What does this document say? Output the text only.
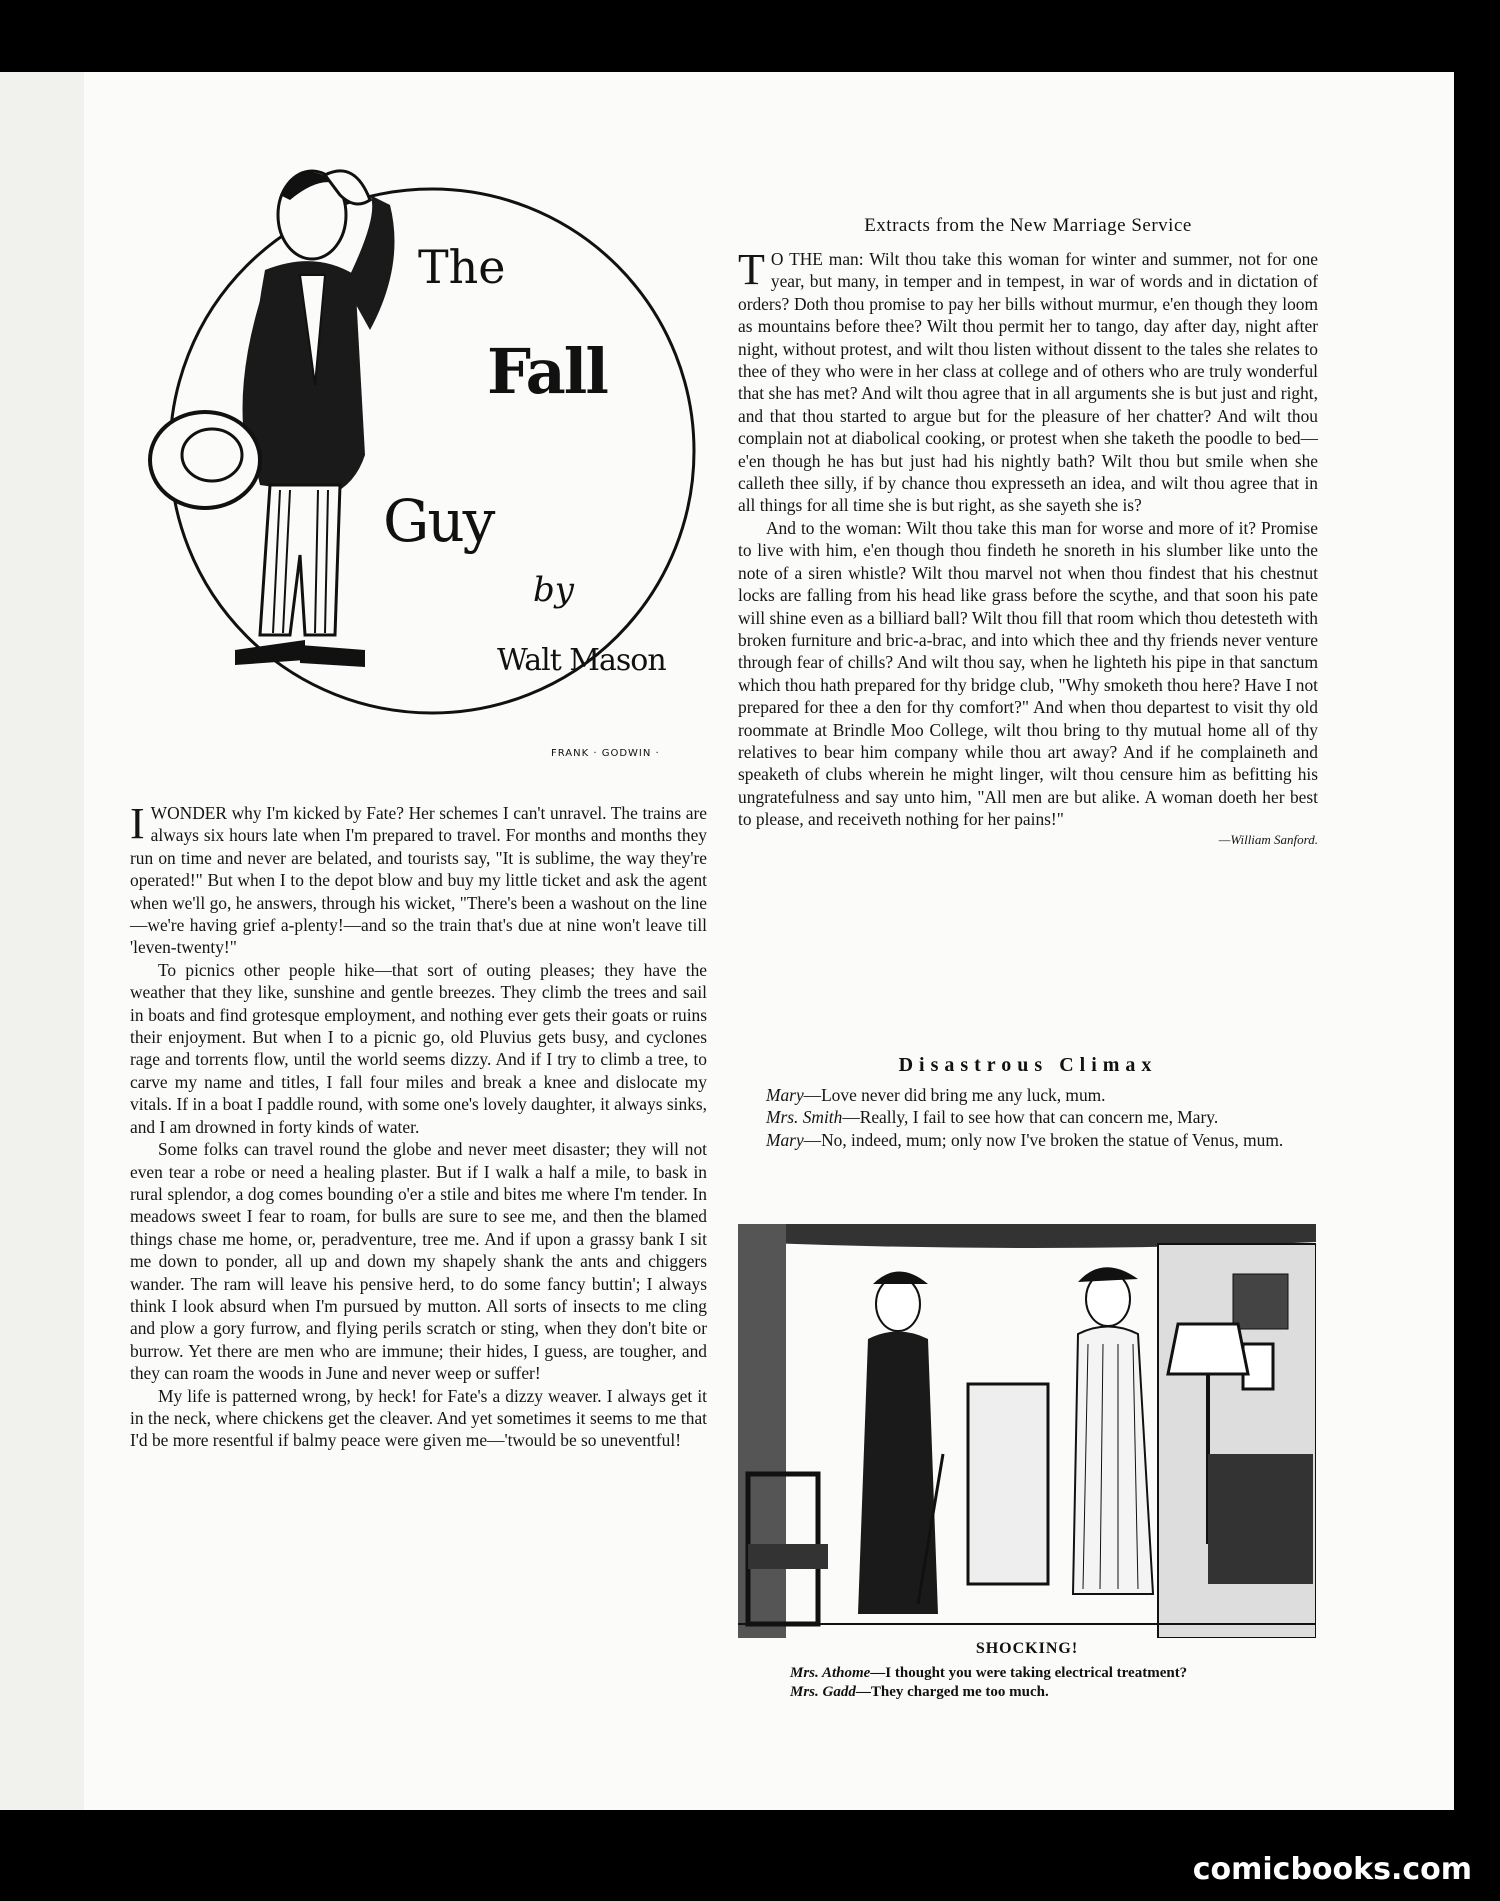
The
Fall
Guy
by
Walt Mason
FRANK · GODWIN ·

IWONDER why I'm kicked by Fate? Her schemes I can't unravel. The trains are always six hours late when I'm prepared to travel. For months and months they run on time and never are belated, and tourists say, "It is sublime, the way they're operated!" But when I to the depot blow and buy my little ticket and ask the agent when we'll go, he answers, through his wicket, "There's been a washout on the line—we're having grief a-plenty!—and so the train that's due at nine won't leave till 'leven-twenty!"

To picnics other people hike—that sort of outing pleases; they have the weather that they like, sunshine and gentle breezes. They climb the trees and sail in boats and find grotesque employment, and nothing ever gets their goats or ruins their enjoyment. But when I to a picnic go, old Pluvius gets busy, and cyclones rage and torrents flow, until the world seems dizzy. And if I try to climb a tree, to carve my name and titles, I fall four miles and break a knee and dislocate my vitals. If in a boat I paddle round, with some one's lovely daughter, it always sinks, and I am drowned in forty kinds of water.

Some folks can travel round the globe and never meet disaster; they will not even tear a robe or need a healing plaster. But if I walk a half a mile, to bask in rural splendor, a dog comes bounding o'er a stile and bites me where I'm tender. In meadows sweet I fear to roam, for bulls are sure to see me, and then the blamed things chase me home, or, peradventure, tree me. And if upon a grassy bank I sit me down to ponder, all up and down my shapely shank the ants and chiggers wander. The ram will leave his pensive herd, to do some fancy buttin'; I always think I look absurd when I'm pursued by mutton. All sorts of insects to me cling and plow a gory furrow, and flying perils scratch or sting, when they don't bite or burrow. Yet there are men who are immune; their hides, I guess, are tougher, and they can roam the woods in June and never weep or suffer!

My life is patterned wrong, by heck! for Fate's a dizzy weaver. I always get it in the neck, where chickens get the cleaver. And yet sometimes it seems to me that I'd be more resentful if balmy peace were given me—'twould be so uneventful!

Extracts from the New Marriage Service

T O THE man: Wilt thou take this woman for winter and summer, not for one year, but many, in temper and in tempest, in war of words and in dictation of orders? Doth thou promise to pay her bills without murmur, e'en though they loom as mountains before thee? Wilt thou permit her to tango, day after day, night after night, without protest, and wilt thou listen without dissent to the tales she relates to thee of they who were in her class at college and of others who are truly wonderful that she has met? And wilt thou agree that in all arguments she is but just and right, and that thou started to argue but for the pleasure of her chatter? And wilt thou complain not at diabolical cooking, or protest when she taketh the poodle to bed—e'en though he has but just had his nightly bath? Wilt thou but smile when she calleth thee silly, if by chance thou expresseth an idea, and wilt thou agree that in all things for all time she is but right, as she sayeth she is?

And to the woman: Wilt thou take this man for worse and more of it? Promise to live with him, e'en though thou findeth he snoreth in his slumber like unto the note of a siren whistle? Wilt thou marvel not when thou findest that his chestnut locks are falling from his head like grass before the scythe, and that soon his pate will shine even as a billiard ball? Wilt thou fill that room which thou detesteth with broken furniture and bric-a-brac, and into which thee and thy friends never venture through fear of chills? And wilt thou say, when he lighteth his pipe in that sanctum which thou hath prepared for thy bridge club, "Why smoketh thou here? Have I not prepared for thee a den for thy comfort?" And when thou departest to visit thy old roommate at Brindle Moo College, wilt thou bring to thy mutual home all of thy relatives to bear him company while thou art away? And if he complaineth and speaketh of clubs wherein he might linger, wilt thou censure him as befitting his ungratefulness and say unto him, "All men are but alike. A woman doeth her best to please, and receiveth nothing for her pains!"

—William Sanford.
Disastrous Climax

Mary—Love never did bring me any luck, mum.

Mrs. Smith—Really, I fail to see how that can concern me, Mary.

Mary—No, indeed, mum; only now I've broken the statue of Venus, mum.

SHOCKING!
Mrs. Athome—I thought you were taking electrical treatment?
Mrs. Gadd—They charged me too much.
comicbooks.com
